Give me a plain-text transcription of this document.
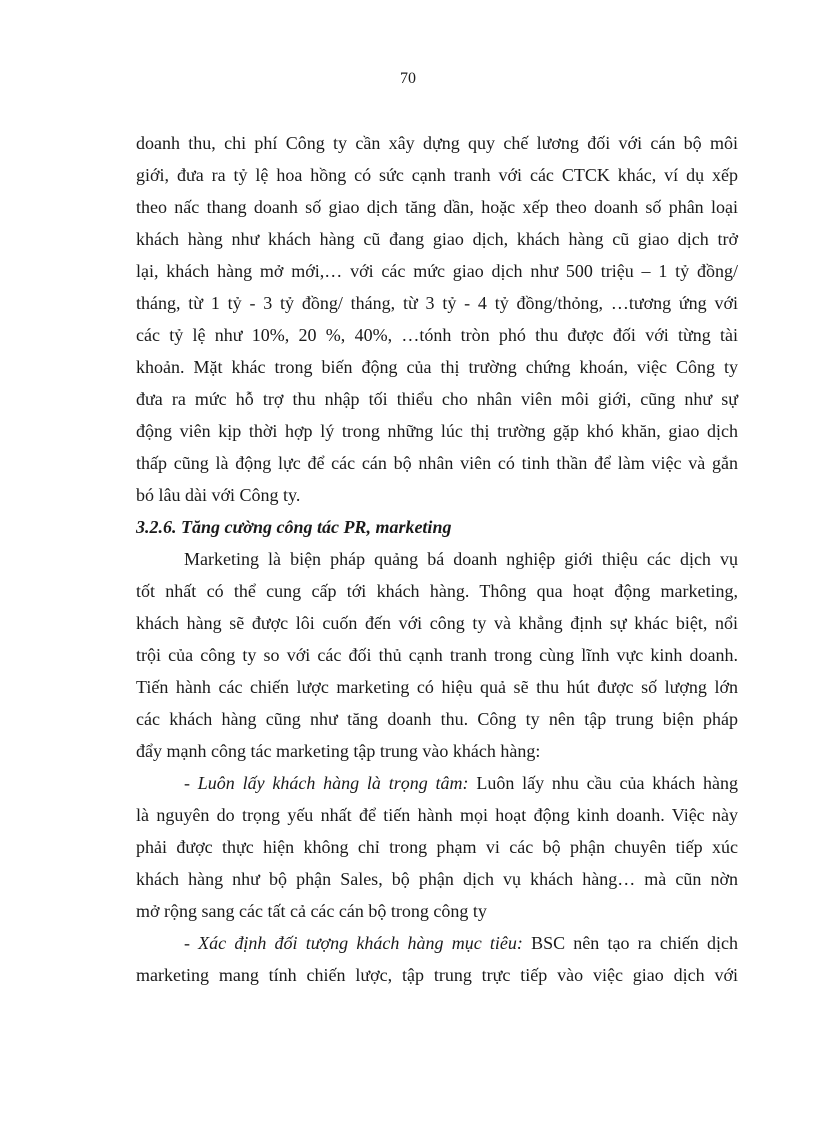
70
doanh thu, chi phí Công ty cần xây dựng quy chế lương đối với cán bộ môi
giới, đưa ra tỷ lệ hoa hồng có sức cạnh tranh với các CTCK khác, ví dụ xếp
theo nấc thang doanh số giao dịch tăng dần, hoặc xếp theo doanh số phân loại
khách hàng như khách hàng cũ đang giao dịch, khách hàng cũ giao dịch trở
lại, khách hàng mở mới,… với các mức giao dịch như 500 triệu – 1 tỷ đồng/
tháng, từ 1 tỷ - 3 tỷ đồng/ tháng, từ 3 tỷ - 4 tỷ đồng/thỏng, …tương ứng với
các tỷ lệ như 10%, 20 %, 40%, …tónh tròn phó thu được đối với từng tài
khoản. Mặt khác trong biến động của thị trường chứng khoán, việc Công ty
đưa ra mức hỗ trợ thu nhập tối thiểu cho nhân viên môi giới, cũng như sự
động viên kịp thời hợp lý trong những lúc thị trường gặp khó khăn, giao dịch
thấp cũng là động lực để các cán bộ nhân viên có tinh thần để làm việc và gắn
bó lâu dài với Công ty.
3.2.6. Tăng cường công tác PR, marketing
Marketing là biện pháp quảng bá doanh nghiệp giới thiệu các dịch vụ
tốt nhất có thể cung cấp tới khách hàng. Thông qua hoạt động marketing,
khách hàng sẽ được lôi cuốn đến với công ty và khẳng định sự khác biệt, nổi
trội của công ty so với các đối thủ cạnh tranh trong cùng lĩnh vực kinh doanh.
Tiến hành các chiến lược marketing có hiệu quả sẽ thu hút được số lượng lớn
các khách hàng cũng như tăng doanh thu. Công ty nên tập trung biện pháp
đẩy mạnh công tác marketing tập trung vào khách hàng:
- Luôn lấy khách hàng là trọng tâm: Luôn lấy nhu cầu của khách hàng
là nguyên do trọng yếu nhất để tiến hành mọi hoạt động kinh doanh. Việc này
phải được thực hiện không chỉ trong phạm vi các bộ phận chuyên tiếp xúc
khách hàng như bộ phận Sales, bộ phận dịch vụ khách hàng… mà cũn nờn
mở rộng sang các tất cả các cán bộ trong công ty
- Xác định đối tượng khách hàng mục tiêu: BSC nên tạo ra chiến dịch
marketing mang tính chiến lược, tập trung trực tiếp vào việc giao dịch với
